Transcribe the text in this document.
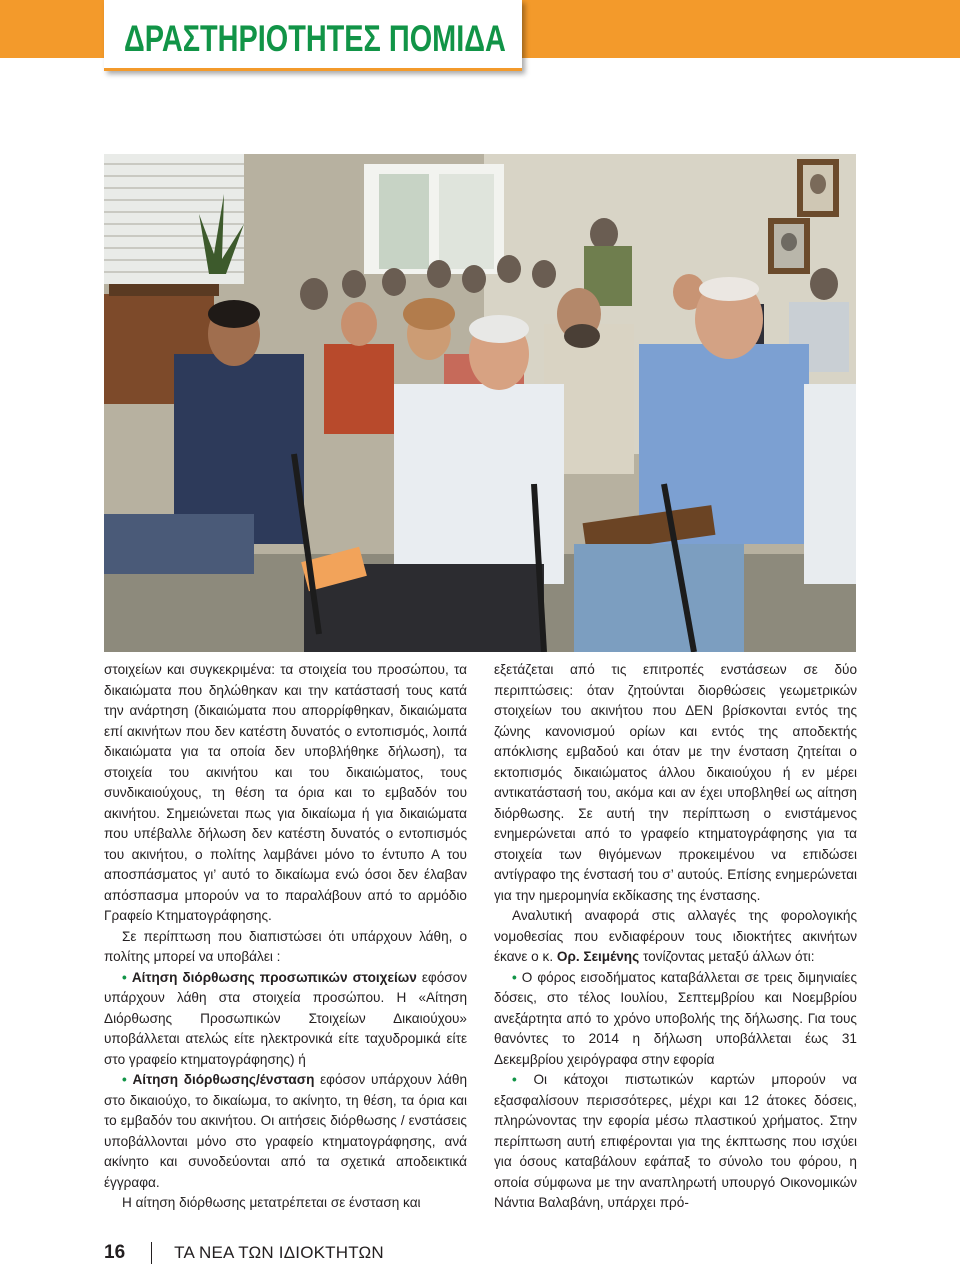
ΔΡΑΣΤΗΡΙΟΤΗΤΕΣ ΠΟΜΙΔΑ

στοιχείων και συγκεκριμένα: τα στοιχεία του προσώπου, τα δικαιώματα που δηλώθηκαν και την κατάστασή τους κατά την ανάρτηση (δικαιώματα που απορρίφθηκαν, δικαιώματα επί ακινήτων που δεν κατέστη δυνατός ο εντοπισμός, λοιπά δικαιώματα για τα οποία δεν υποβλήθηκε δήλωση), τα στοιχεία του ακινήτου και του δικαιώματος, τους συνδικαιούχους, τη θέση τα όρια και το εμβαδόν του ακινήτου. Σημειώνεται πως για δικαίωμα ή για δικαιώματα που υπέβαλλε δήλωση δεν κατέστη δυνατός ο εντοπισμός του ακινήτου, ο πολίτης λαμβάνει μόνο το έντυπο Α του αποσπάσματος γι’ αυτό το δικαίωμα ενώ όσοι δεν έλαβαν απόσπασμα μπορούν να το παραλάβουν από το αρμόδιο Γραφείο Κτηματογράφησης.

Σε περίπτωση που διαπιστώσει ότι υπάρχουν λάθη, ο πολίτης μπορεί να υποβάλει :

• Αίτηση διόρθωσης προσωπικών στοιχείων εφόσον υπάρχουν λάθη στα στοιχεία προσώπου. Η «Αίτηση Διόρθωσης Προσωπικών Στοιχείων Δικαιούχου» υποβάλλεται ατελώς είτε ηλεκτρονικά είτε ταχυδρομικά είτε στο γραφείο κτηματογράφησης) ή

• Αίτηση διόρθωσης/ένσταση εφόσον υπάρχουν λάθη στο δικαιούχο, το δικαίωμα, το ακίνητο, τη θέση, τα όρια και το εμβαδόν του ακινήτου. Οι αιτήσεις διόρθωσης / ενστάσεις υποβάλλονται μόνο στο γραφείο κτηματογράφησης, ανά ακίνητο και συνοδεύονται από τα σχετικά αποδεικτικά έγγραφα.

Η αίτηση διόρθωσης μετατρέπεται σε ένσταση και

εξετάζεται από τις επιτροπές ενστάσεων σε δύο περιπτώσεις: όταν ζητούνται διορθώσεις γεωμετρικών στοιχείων του ακινήτου που ΔΕΝ βρίσκονται εντός της ζώνης κανονισμού ορίων και εντός της αποδεκτής απόκλισης εμβαδού και όταν με την ένσταση ζητείται ο εκτοπισμός δικαιώματος άλλου δικαιούχου ή εν μέρει αντικατάστασή του, ακόμα και αν έχει υποβληθεί ως αίτηση διόρθωσης. Σε αυτή την περίπτωση ο ενιστάμενος ενημερώνεται από το γραφείο κτηματογράφησης για τα στοιχεία των θιγόμενων προκειμένου να επιδώσει αντίγραφο της ένστασή του σ’ αυτούς. Επίσης ενημερώνεται για την ημερομηνία εκδίκασης της ένστασης.

Αναλυτική αναφορά στις αλλαγές της φορολογικής νομοθεσίας που ενδιαφέρουν τους ιδιοκτήτες ακινήτων έκανε ο κ. Ορ. Σειμένης τονίζοντας μεταξύ άλλων ότι:

• Ο φόρος εισοδήματος καταβάλλεται σε τρεις διμηνιαίες δόσεις, στο τέλος Ιουλίου, Σεπτεμβρίου και Νοεμβρίου ανεξάρτητα από το χρόνο υποβολής της δήλωσης. Για τους θανόντες το 2014 η δήλωση υποβάλλεται έως 31 Δεκεμβρίου χειρόγραφα στην εφορία

• Οι κάτοχοι πιστωτικών καρτών μπορούν να εξασφαλίσουν περισσότερες, μέχρι και 12 άτοκες δόσεις, πληρώνοντας την εφορία μέσω πλαστικού χρήματος. Στην περίπτωση αυτή επιφέρονται για της έκπτωσης που ισχύει για όσους καταβάλουν εφάπαξ το σύνολο του φόρου, η οποία σύμφωνα με την αναπληρωτή υπουργό Οικονομικών Νάντια Βαλαβάνη, υπάρχει πρό-

16	ΤΑ ΝΕΑ ΤΩΝ ΙΔΙΟΚΤΗΤΩΝ
